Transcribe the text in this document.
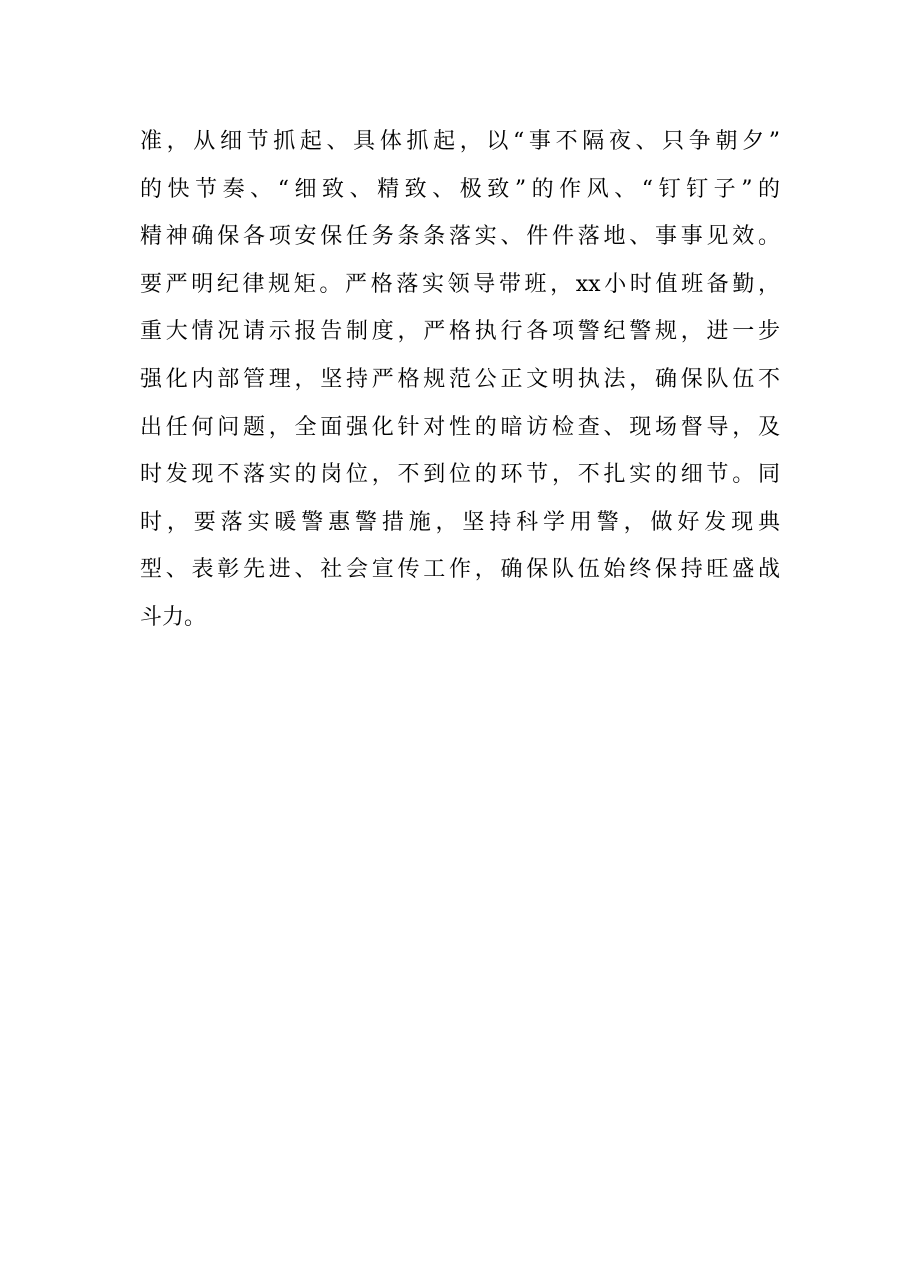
准，从细节抓起、具体抓起，以“事不隔夜、只争朝夕”
的快节奏、“细致、精致、极致”的作风、“钉钉子”的
精神确保各项安保任务条条落实、件件落地、事事见效。
要严明纪律规矩。严格落实领导带班，xx小时值班备勤，
重大情况请示报告制度，严格执行各项警纪警规，进一步
强化内部管理，坚持严格规范公正文明执法，确保队伍不
出任何问题，全面强化针对性的暗访检查、现场督导，及
时发现不落实的岗位，不到位的环节，不扎实的细节。同
时，要落实暖警惠警措施，坚持科学用警，做好发现典
型、表彰先进、社会宣传工作，确保队伍始终保持旺盛战
斗力。
